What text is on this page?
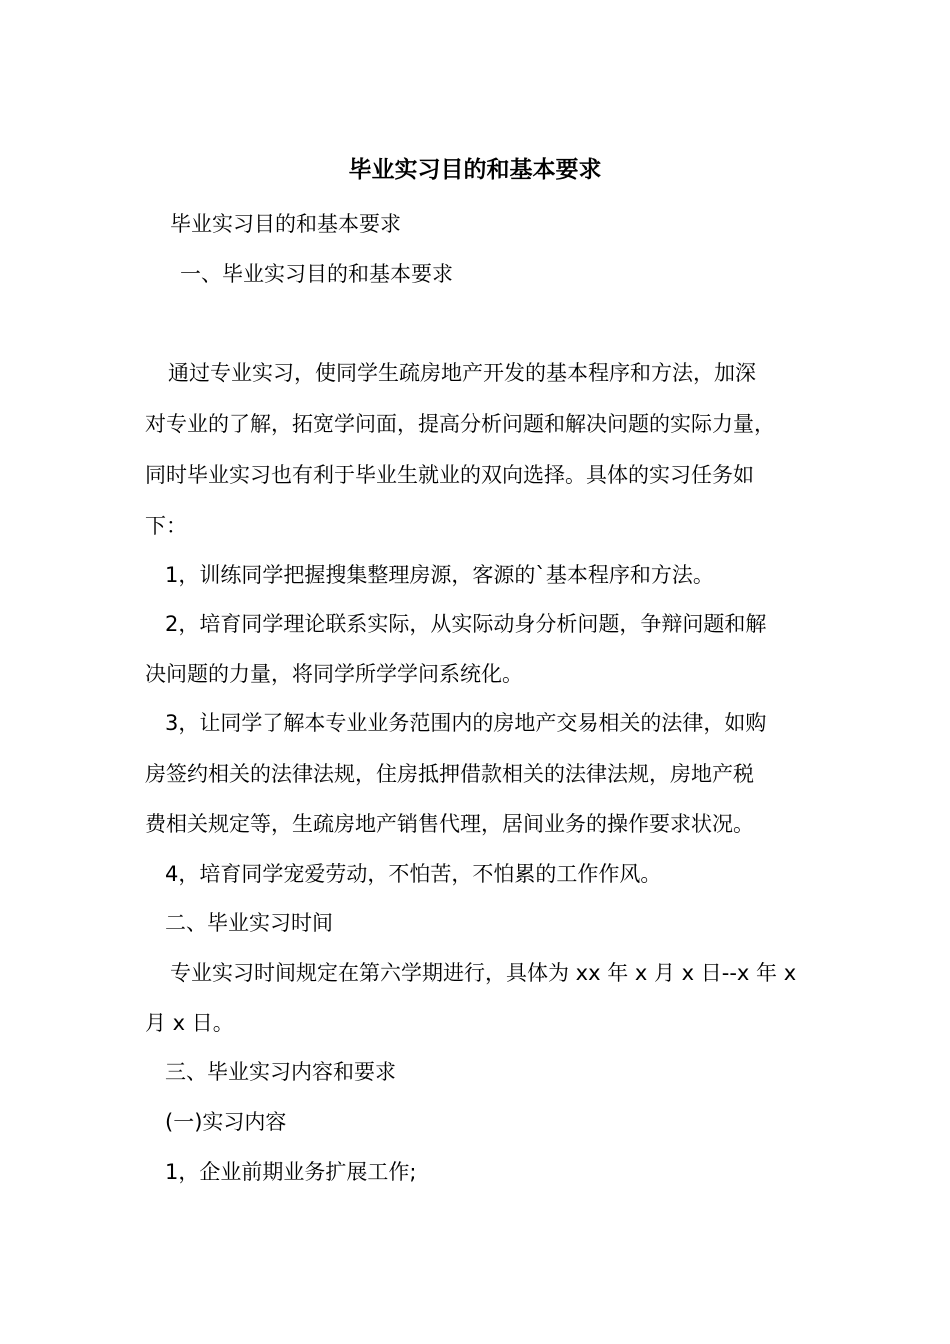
毕业实习目的和基本要求
毕业实习目的和基本要求
一、毕业实习目的和基本要求
通过专业实习，使同学生疏房地产开发的基本程序和方法，加深
对专业的了解，拓宽学问面，提高分析问题和解决问题的实际力量，
同时毕业实习也有利于毕业生就业的双向选择。具体的实习任务如
下：
1，训练同学把握搜集整理房源，客源的`基本程序和方法。
2，培育同学理论联系实际，从实际动身分析问题，争辩问题和解
决问题的力量，将同学所学学问系统化。
3，让同学了解本专业业务范围内的房地产交易相关的法律，如购
房签约相关的法律法规，住房抵押借款相关的法律法规，房地产税
费相关规定等，生疏房地产销售代理，居间业务的操作要求状况。
4，培育同学宠爱劳动，不怕苦，不怕累的工作作风。
二、毕业实习时间
专业实习时间规定在第六学期进行，具体为 xx 年 x 月 x 日--x 年 x
月 x 日。
三、毕业实习内容和要求
(一)实习内容
1，企业前期业务扩展工作;
